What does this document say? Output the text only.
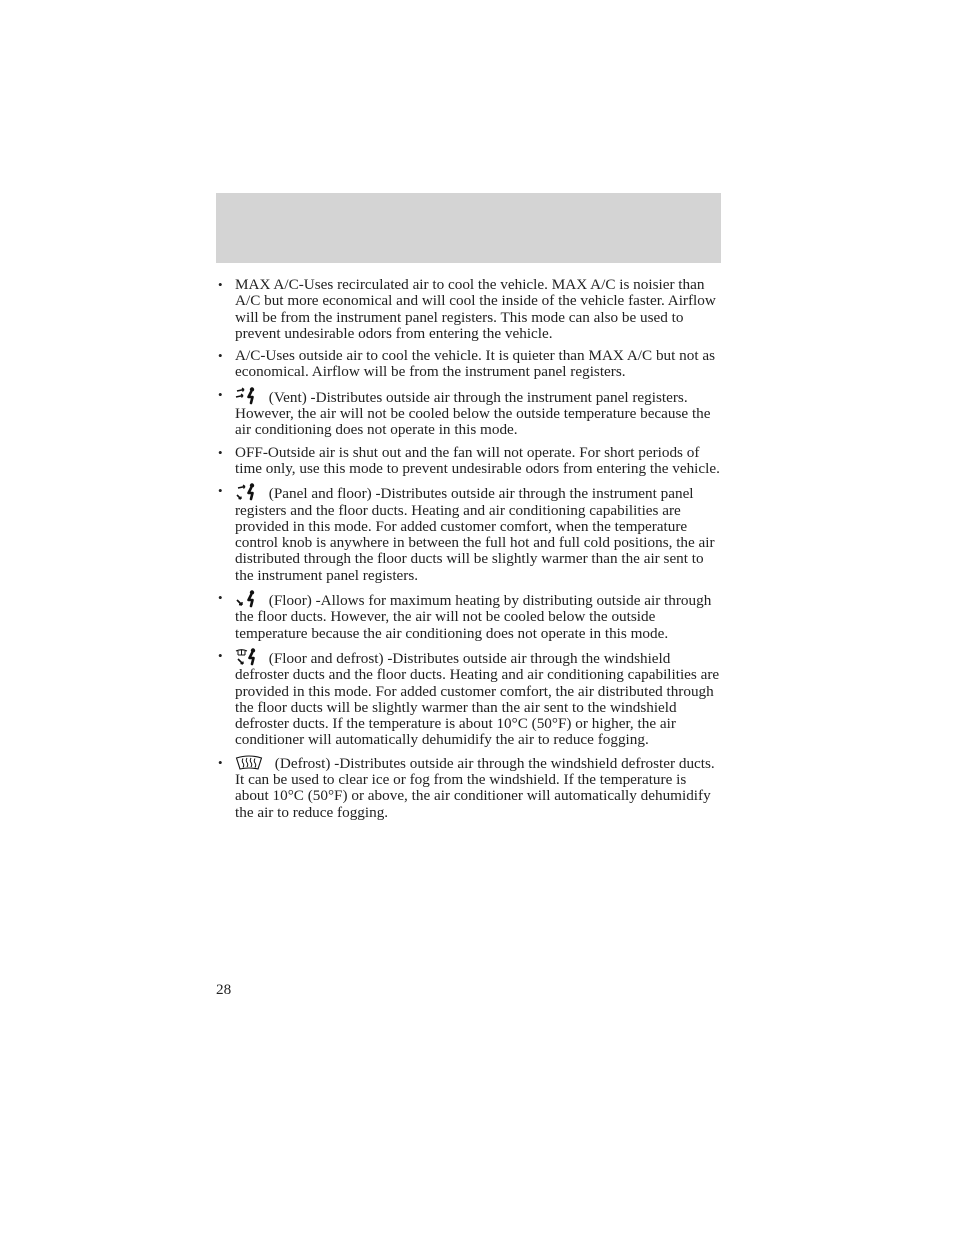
• MAX A/C-Uses recirculated air to cool the vehicle. MAX A/C is noisier than A/C but more economical and will cool the inside of the vehicle faster. Airflow will be from the instrument panel registers. This mode can also be used to prevent undesirable odors from entering the vehicle.
• A/C-Uses outside air to cool the vehicle. It is quieter than MAX A/C but not as economical. Airflow will be from the instrument panel registers.
•	(Vent) -Distributes outside air through the instrument panel registers. However, the air will not be cooled below the outside temperature because the air conditioning does not operate in this mode.
• OFF-Outside air is shut out and the fan will not operate. For short periods of time only, use this mode to prevent undesirable odors from entering the vehicle.
•	(Panel and floor) -Distributes outside air through the instrument panel registers and the floor ducts. Heating and air conditioning capabilities are provided in this mode. For added customer comfort, when the temperature control knob is anywhere in between the full hot and full cold positions, the air distributed through the floor ducts will be slightly warmer than the air sent to the instrument panel registers.
•	(Floor) -Allows for maximum heating by distributing outside air through the floor ducts. However, the air will not be cooled below the outside temperature because the air conditioning does not operate in this mode.
•	(Floor and defrost) -Distributes outside air through the windshield defroster ducts and the floor ducts. Heating and air conditioning capabilities are provided in this mode. For added customer comfort, the air distributed through the floor ducts will be slightly warmer than the air sent to the windshield defroster ducts. If the temperature is about 10°C (50°F) or higher, the air conditioner will automatically dehumidify the air to reduce fogging.
•	(Defrost) -Distributes outside air through the windshield defroster ducts. It can be used to clear ice or fog from the windshield. If the temperature is about 10°C (50°F) or above, the air conditioner will automatically dehumidify the air to reduce fogging.
28
